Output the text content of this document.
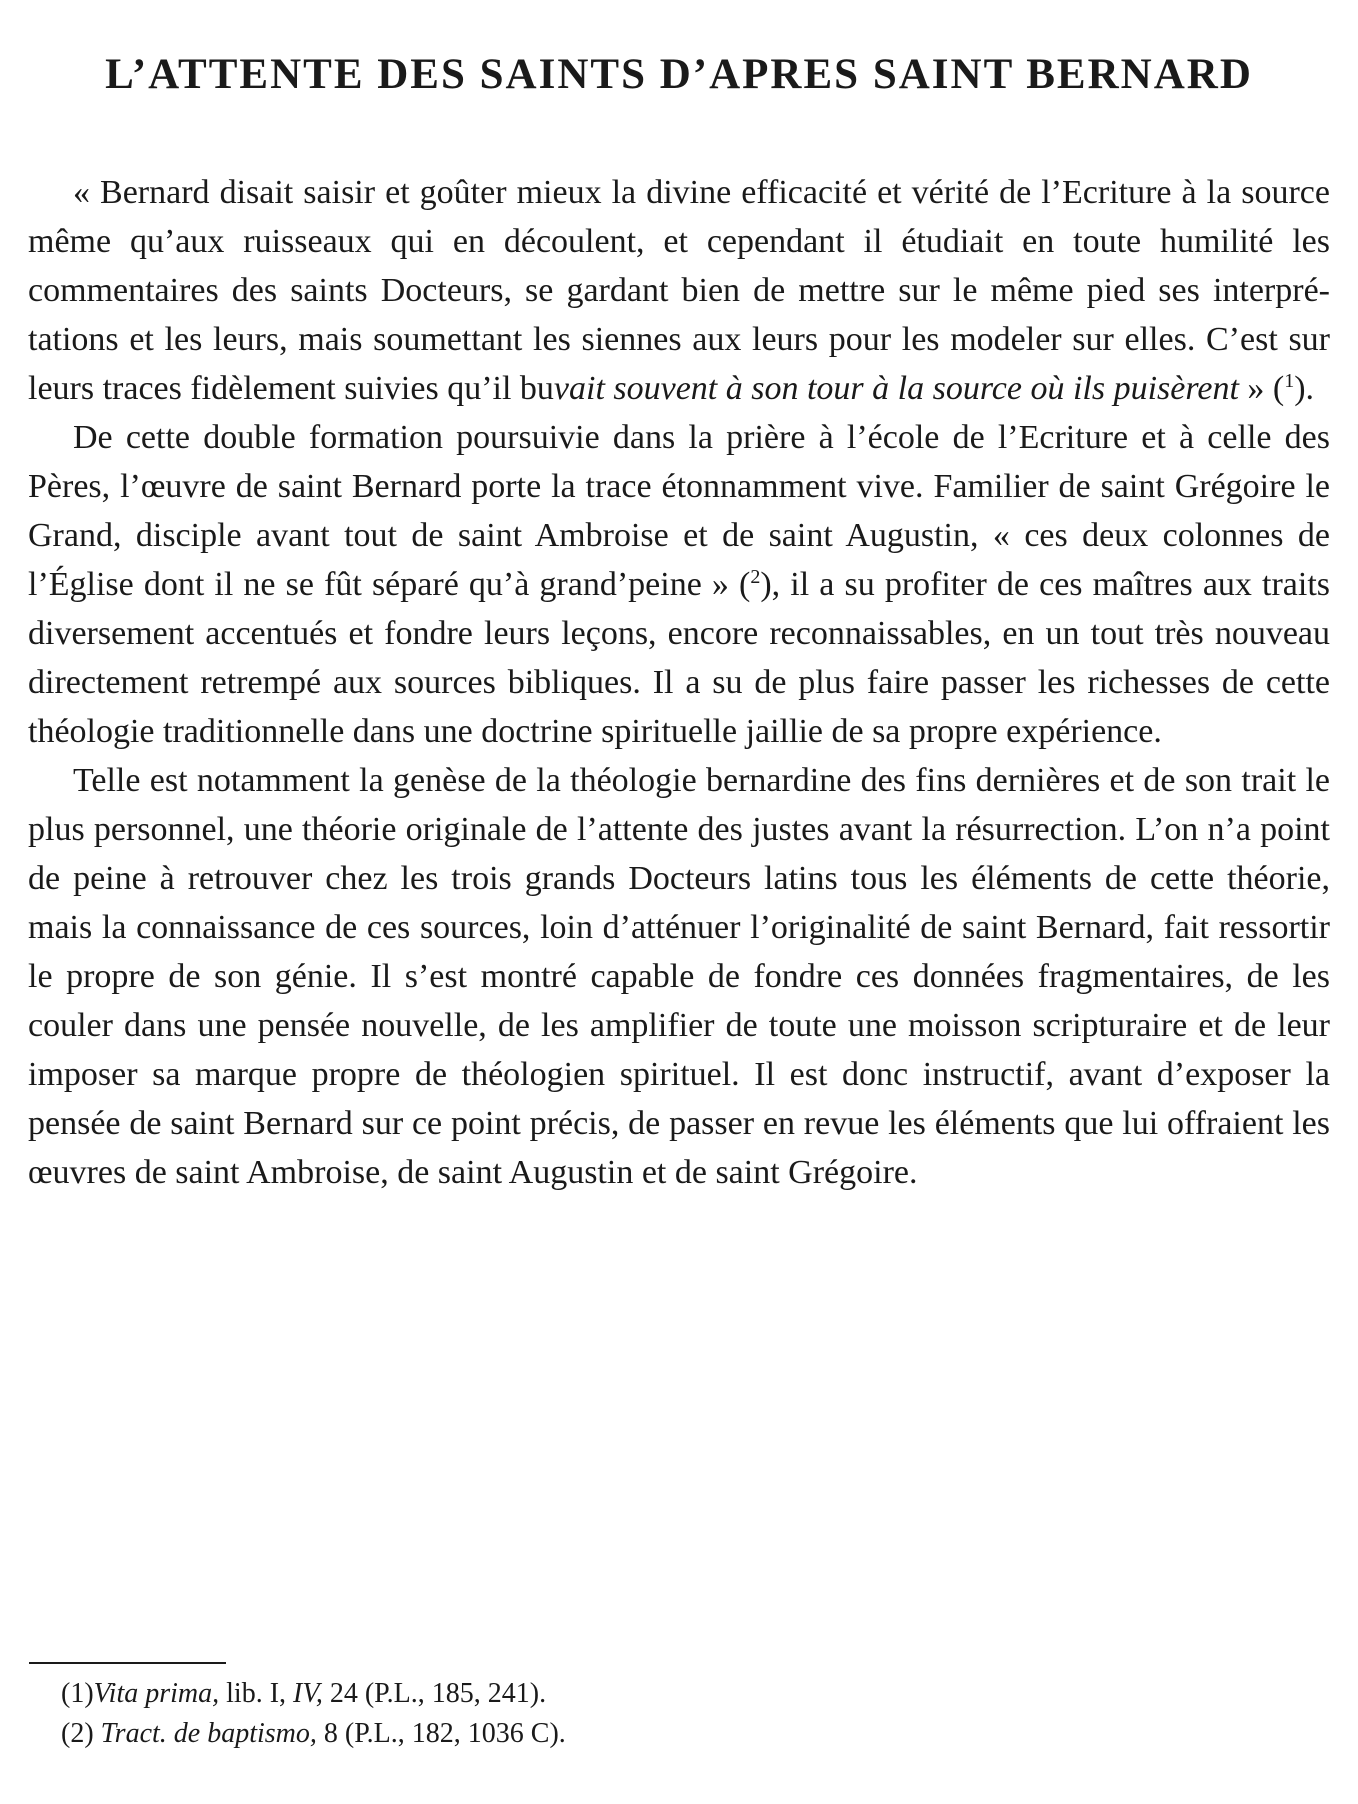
L’ATTENTE DES SAINTS D’APRES SAINT BERNARD

« Bernard disait saisir et goûter mieux la divine efficacité et vérité de l’Ecriture à la source même qu’aux ruisseaux qui en découlent, et cependant il étudiait en toute humilité les commentaires des saints Docteurs, se gardant bien de mettre sur le même pied ses interprétations et les leurs, mais soumettant les siennes aux leurs pour les modeler sur elles. C’est sur leurs traces fidèlement suivies qu’il buvait souvent à son tour à la source où ils puisèrent » ($^1$).

De cette double formation poursuivie dans la prière à l’école de l’Ecriture et à celle des Pères, l’œuvre de saint Bernard porte la trace étonnamment vive. Familier de saint Grégoire le Grand, disciple avant tout de saint Ambroise et de saint Augustin, « ces deux colonnes de l’Église dont il ne se fût séparé qu’à grand’peine » ($^2$), il a su profiter de ces maîtres aux traits diversement accentués et fondre leurs leçons, encore reconnaissables, en un tout très nouveau directement retrempé aux sources bibliques. Il a su de plus faire passer les richesses de cette théologie traditionnelle dans une doctrine spirituelle jaillie de sa propre expérience.

Telle est notamment la genèse de la théologie bernardine des fins dernières et de son trait le plus personnel, une théorie originale de l’attente des justes avant la résurrection. L’on n’a point de peine à retrouver chez les trois grands Docteurs latins tous les éléments de cette théorie, mais la connaissance de ces sources, loin d’atténuer l’originalité de saint Bernard, fait ressortir le propre de son génie. Il s’est montré capable de fondre ces données fragmentaires, de les couler dans une pensée nouvelle, de les amplifier de toute une moisson scripturaire et de leur imposer sa marque propre de théologien spirituel. Il est donc instructif, avant d’exposer la pensée de saint Bernard sur ce point précis, de passer en revue les éléments que lui offraient les œuvres de saint Ambroise, de saint Augustin et de saint Grégoire.

(1)Vita prima, lib. I, IV, 24 (P.L., 185, 241).
(2) Tract. de baptismo, 8 (P.L., 182, 1036 C).
